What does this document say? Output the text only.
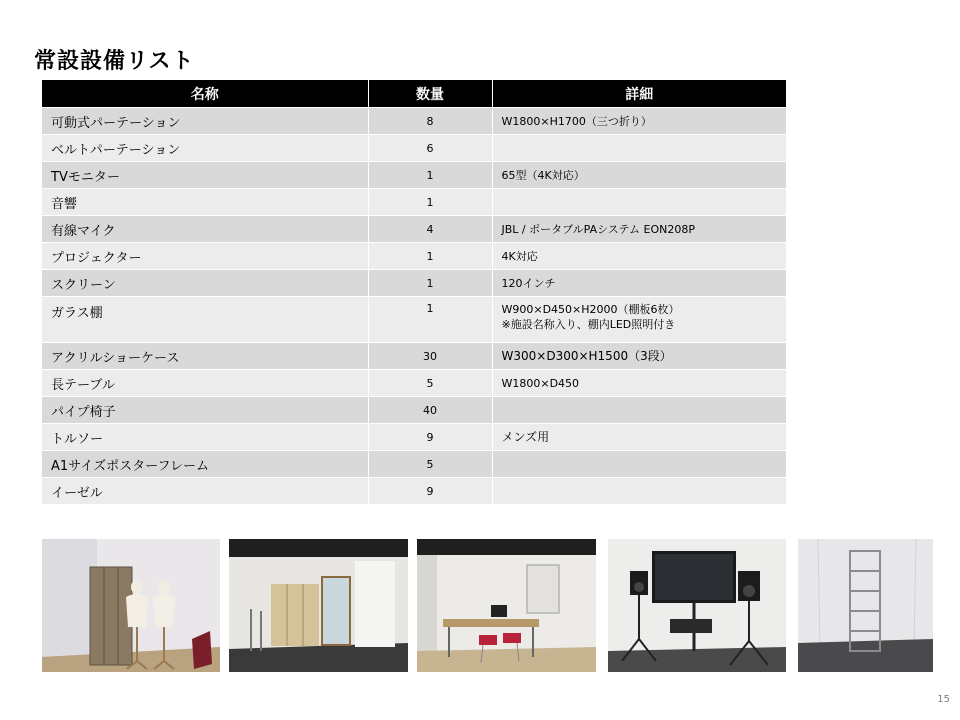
常設設備リスト
名称	数量	詳細
可動式パーテーション	8	W1800×H1700（三つ折り）

ベルトパーテーション	6	

TVモニター	1	65型（4K対応）

音響	1	

有線マイク	4	JBL / ポータブルPAシステム EON208P

プロジェクター	1	4K対応

スクリーン	1	120インチ

ガラス棚	1	W900×D450×H2000（棚板6枚）
※施設名称入り、棚内LED照明付き

アクリルショーケース	30	W300×D300×H1500（3段）

長テーブル	5	W1800×D450

パイプ椅子	40	

トルソー	9	メンズ用

A1サイズポスターフレーム	5	

イーゼル	9	
15
